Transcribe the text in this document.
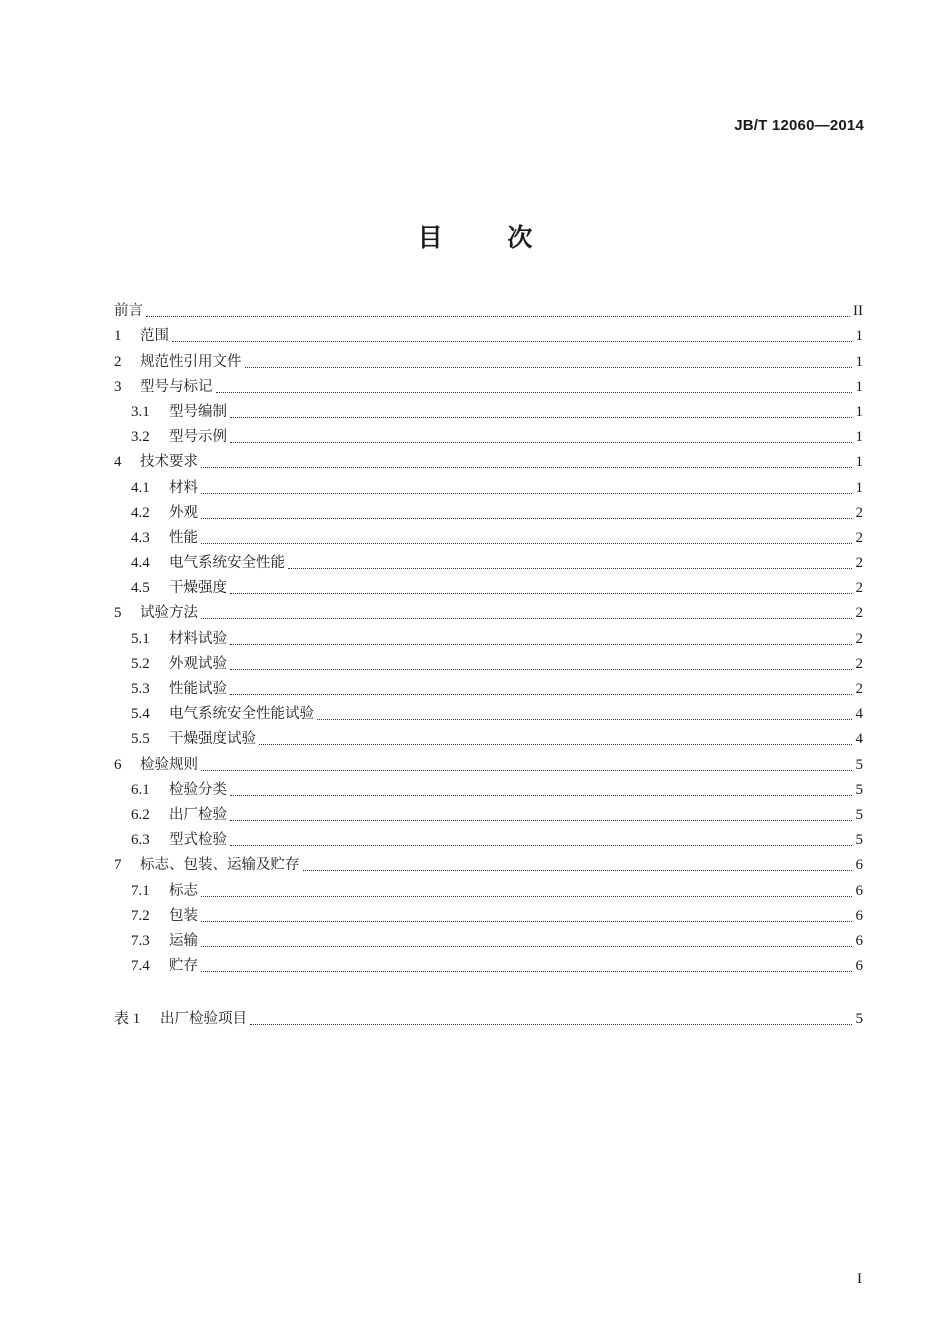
JB/T 12060—2014
目 次
前言	II
1	范围	1
2	规范性引用文件	1
3	型号与标记	1
3.1	型号编制	1
3.2	型号示例	1
4	技术要求	1
4.1	材料	1
4.2	外观	2
4.3	性能	2
4.4	电气系统安全性能	2
4.5	干燥强度	2
5	试验方法	2
5.1	材料试验	2
5.2	外观试验	2
5.3	性能试验	2
5.4	电气系统安全性能试验	4
5.5	干燥强度试验	4
6	检验规则	5
6.1	检验分类	5
6.2	出厂检验	5
6.3	型式检验	5
7	标志、包装、运输及贮存	6
7.1	标志	6
7.2	包装	6
7.3	运输	6
7.4	贮存	6
表 1	出厂检验项目	5
I
